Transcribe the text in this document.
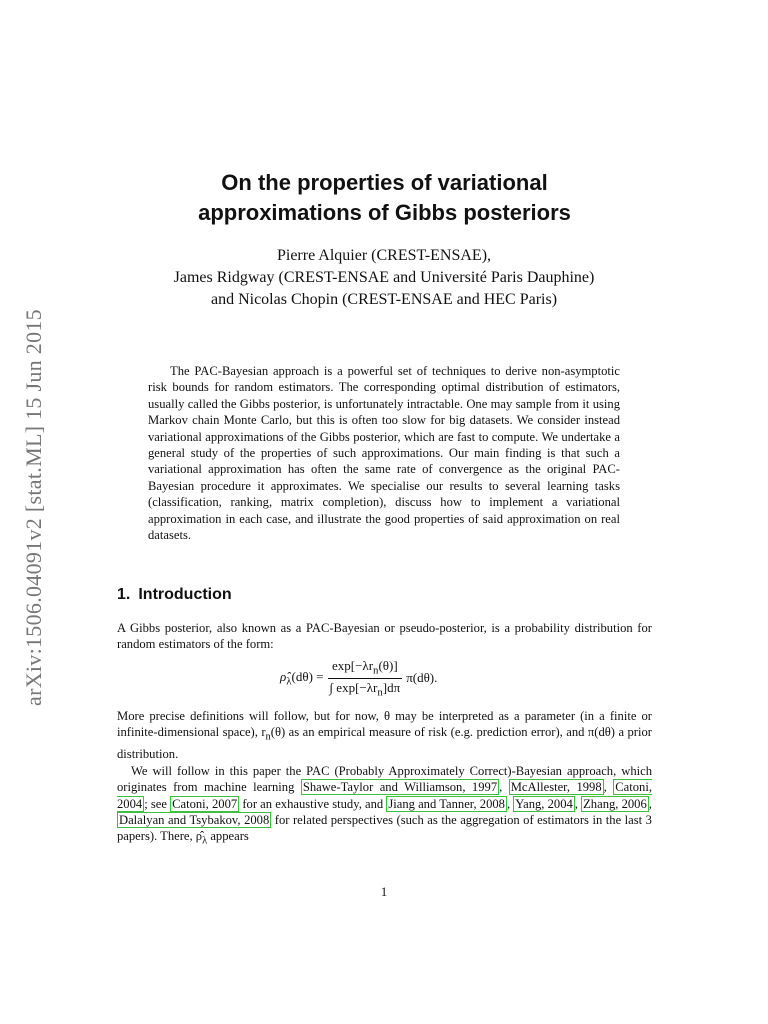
arXiv:1506.04091v2 [stat.ML] 15 Jun 2015
On the properties of variational
approximations of Gibbs posteriors
Pierre Alquier (CREST-ENSAE),
James Ridgway (CREST-ENSAE and Université Paris Dauphine)
and Nicolas Chopin (CREST-ENSAE and HEC Paris)
The PAC-Bayesian approach is a powerful set of techniques to derive non-asymptotic risk bounds for random estimators. The corresponding optimal distribution of estimators, usually called the Gibbs posterior, is unfortunately intractable. One may sample from it using Markov chain Monte Carlo, but this is often too slow for big datasets. We consider instead variational approximations of the Gibbs posterior, which are fast to compute. We undertake a general study of the properties of such approximations. Our main finding is that such a variational approximation has often the same rate of convergence as the original PAC-Bayesian procedure it approximates. We specialise our results to several learning tasks (classification, ranking, matrix completion), discuss how to implement a variational approximation in each case, and illustrate the good properties of said approximation on real datasets.
1. Introduction
A Gibbs posterior, also known as a PAC-Bayesian or pseudo-posterior, is a probability distribution for random estimators of the form:
$\rhô_\lambda(d\theta) = \frac{\exp[-\lambda r_n(\theta)]}{\int \exp[-\lambda r_n]d\pi} \pi(d\theta)$.
More precise definitions will follow, but for now, θ may be interpreted as a parameter (in a finite or infinite-dimensional space), $r_n(\theta)$ as an empirical measure of risk (e.g. prediction error), and π(dθ) a prior distribution.
We will follow in this paper the PAC (Probably Approximately Correct)-Bayesian approach, which originates from machine learning Shawe-Taylor and Williamson, 1997 , McAllester, 1998 , Catoni, 2004 ; see Catoni, 2007 for an exhaustive study, and Jiang and Tanner, 2008 , Yang, 2004 , Zhang, 2006 , Dalalyan and Tsybakov, 2008 for related perspectives (such as the aggregation of estimators in the last 3 papers). There, $\rhô_\lambda$ appears
1
